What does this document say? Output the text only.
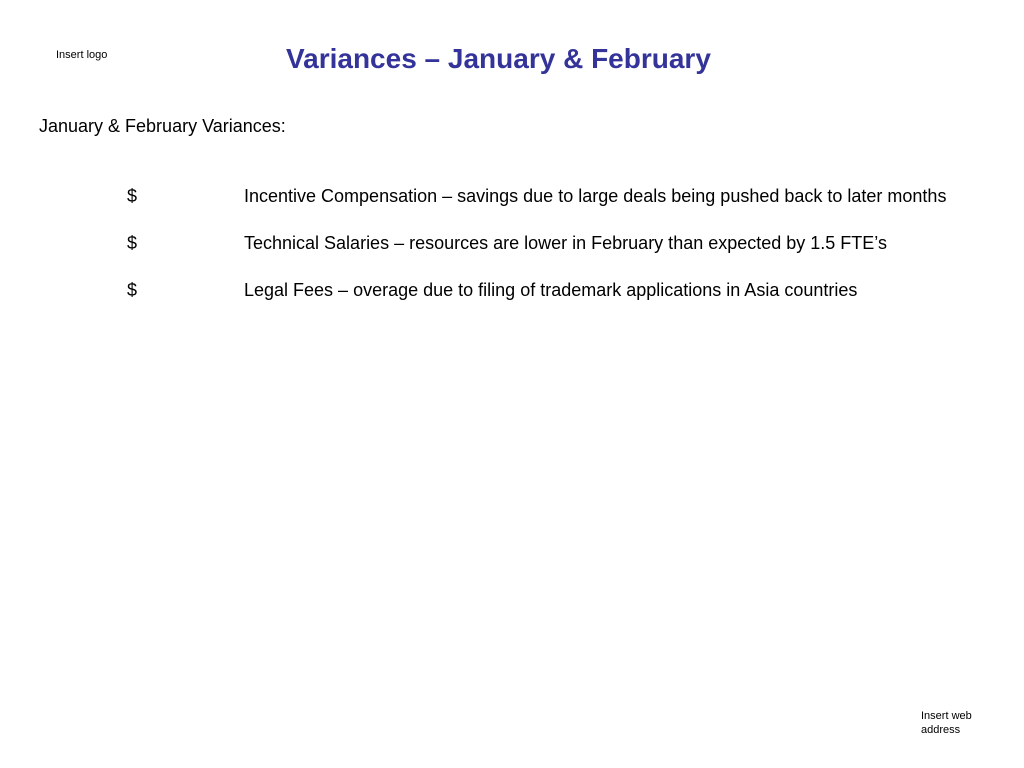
Insert logo	Variances – January & February
January & February Variances:
$	Incentive Compensation – savings due to large deals being pushed back to later months
$	Technical Salaries – resources are lower in February than expected by 1.5 FTE’s
$	Legal Fees – overage due to filing of trademark applications in Asia countries
Insert web address
